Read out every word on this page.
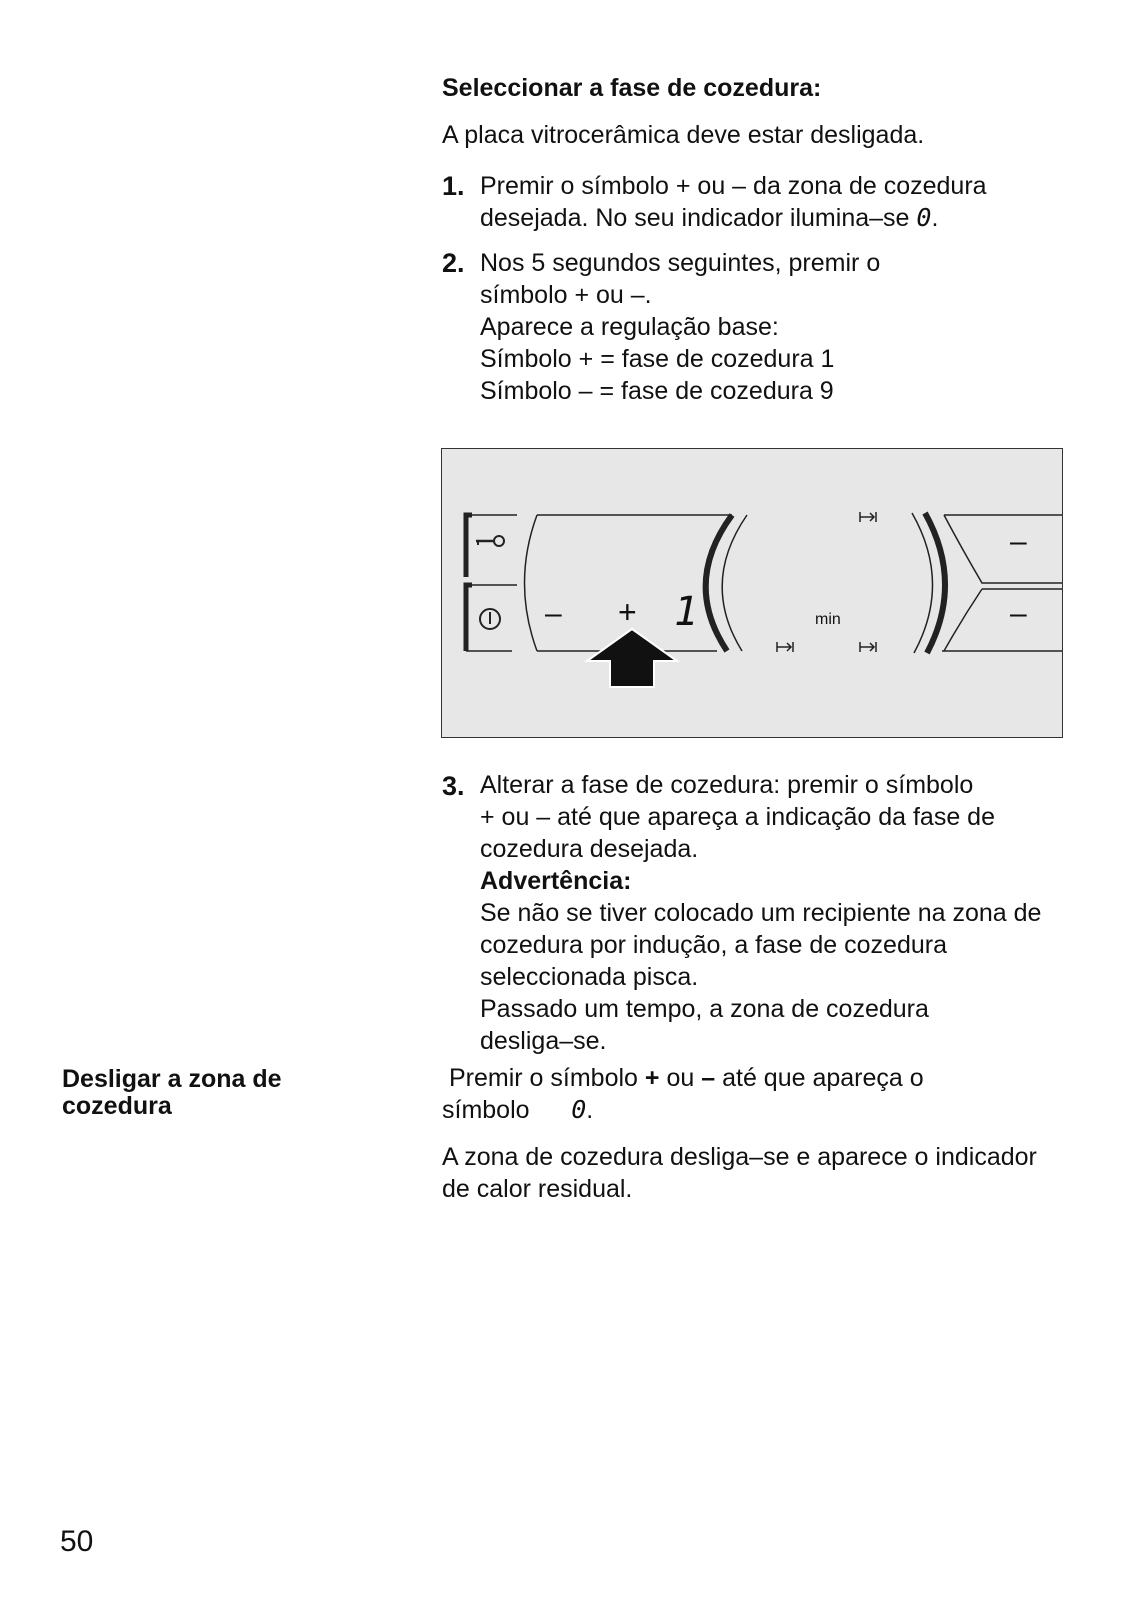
Seleccionar a fase de cozedura:
A placa vitrocerâmica deve estar desligada.
1. Premir o símbolo + ou – da zona de cozedura
desejada. No seu indicador ilumina–se 0.
2. Nos 5 segundos seguintes, premir o
símbolo + ou –.
Aparece a regulação base:
Símbolo + = fase de cozedura 1
Símbolo – = fase de cozedura 9
– + 1	min
–
–
3. Alterar a fase de cozedura: premir o símbolo
+ ou – até que apareça a indicação da fase de
cozedura desejada.
Advertência:
Se não se tiver colocado um recipiente na zona de
cozedura por indução, a fase de cozedura
seleccionada pisca.
Passado um tempo, a zona de cozedura
desliga–se.
Desligar a zona de
cozedura
Premir o símbolo + ou – até que apareça o
símbolo 0.
A zona de cozedura desliga–se e aparece o indicador
de calor residual.
50
